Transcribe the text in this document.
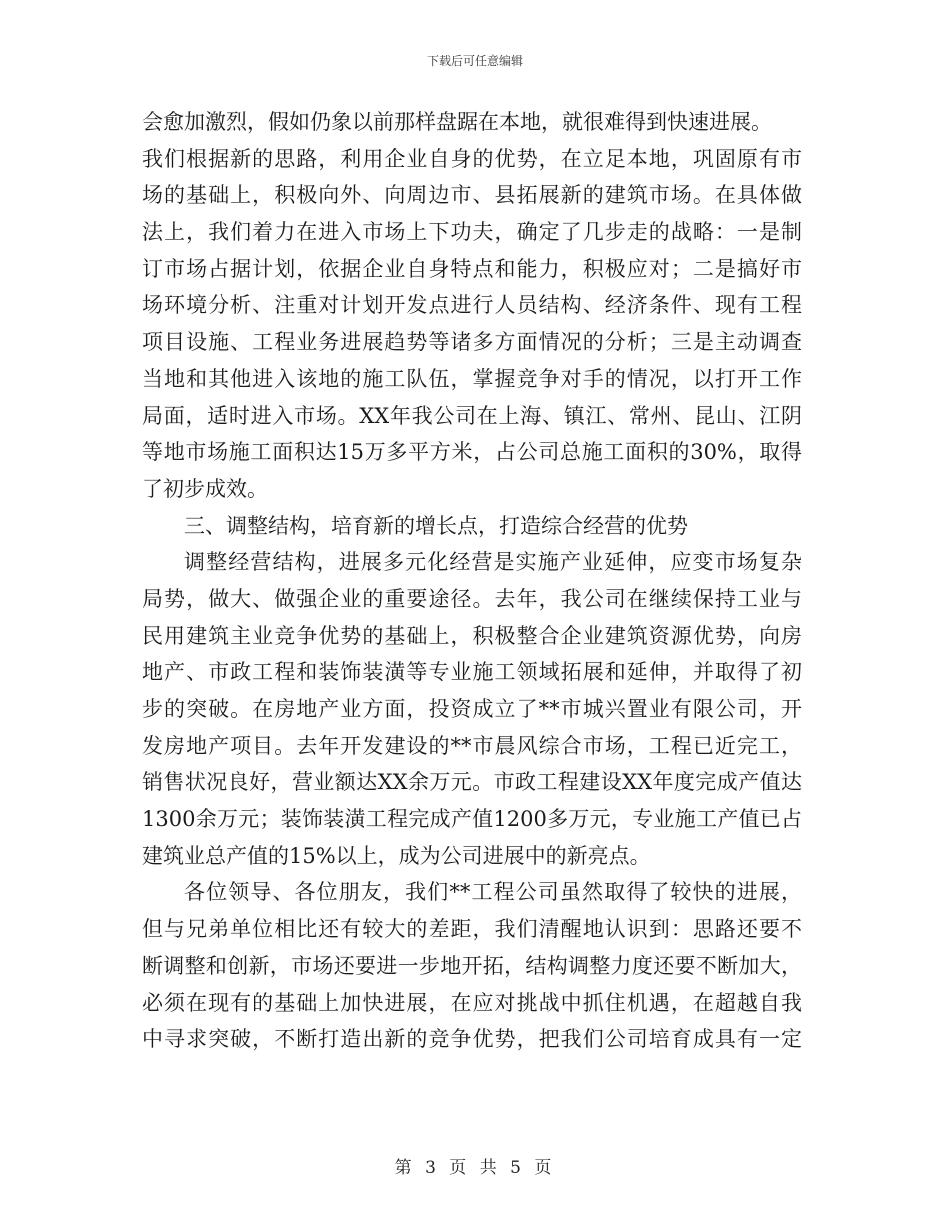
下载后可任意编辑
会愈加激烈，假如仍象以前那样盘踞在本地，就很难得到快速进展。
我们根据新的思路，利用企业自身的优势，在立足本地，巩固原有市
场的基础上，积极向外、向周边市、县拓展新的建筑市场。在具体做
法上，我们着力在进入市场上下功夫，确定了几步走的战略：一是制
订市场占据计划，依据企业自身特点和能力，积极应对；二是搞好市
场环境分析、注重对计划开发点进行人员结构、经济条件、现有工程
项目设施、工程业务进展趋势等诸多方面情况的分析；三是主动调查
当地和其他进入该地的施工队伍，掌握竞争对手的情况，以打开工作
局面，适时进入市场。XX年我公司在上海、镇江、常州、昆山、江阴
等地市场施工面积达15万多平方米，占公司总施工面积的30%，取得
了初步成效。
三、调整结构，培育新的增长点，打造综合经营的优势
调整经营结构，进展多元化经营是实施产业延伸，应变市场复杂
局势，做大、做强企业的重要途径。去年，我公司在继续保持工业与
民用建筑主业竞争优势的基础上，积极整合企业建筑资源优势，向房
地产、市政工程和装饰装潢等专业施工领域拓展和延伸，并取得了初
步的突破。在房地产业方面，投资成立了**市城兴置业有限公司，开
发房地产项目。去年开发建设的**市晨风综合市场，工程已近完工，
销售状况良好，营业额达XX余万元。市政工程建设XX年度完成产值达
1300余万元；装饰装潢工程完成产值1200多万元，专业施工产值已占
建筑业总产值的15%以上，成为公司进展中的新亮点。
各位领导、各位朋友，我们**工程公司虽然取得了较快的进展，
但与兄弟单位相比还有较大的差距，我们清醒地认识到：思路还要不
断调整和创新，市场还要进一步地开拓，结构调整力度还要不断加大，
必须在现有的基础上加快进展，在应对挑战中抓住机遇，在超越自我
中寻求突破，不断打造出新的竞争优势，把我们公司培育成具有一定
第 3 页 共 5 页
